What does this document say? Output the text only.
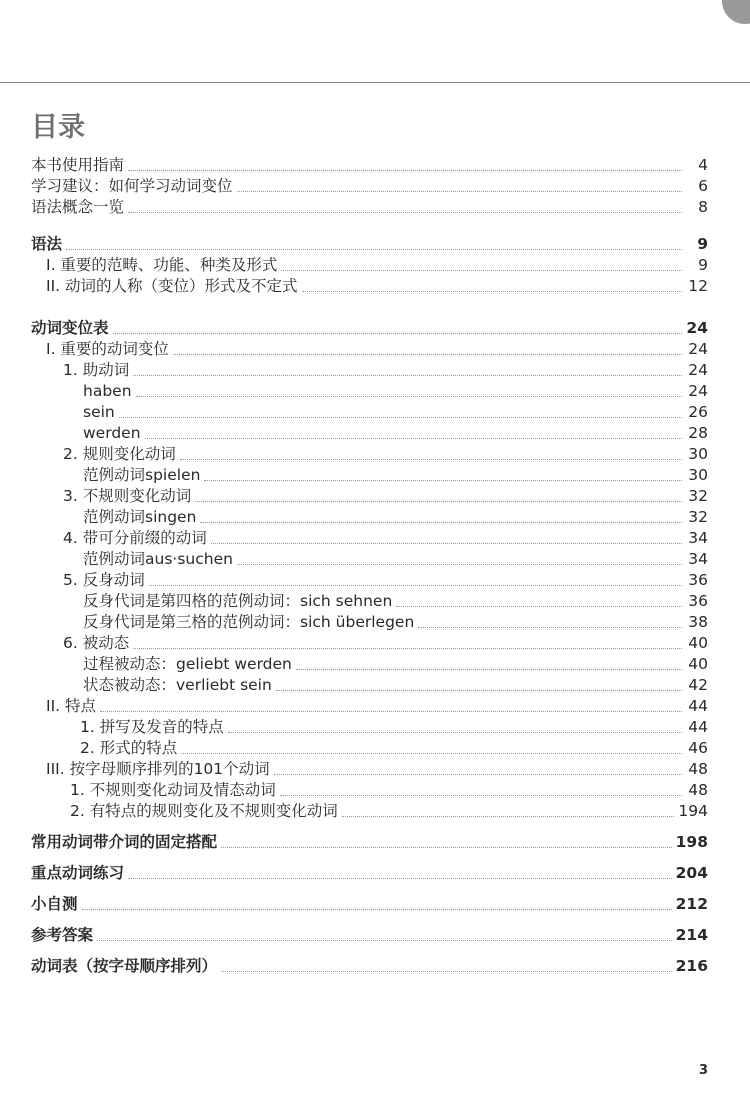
目录
本书使用指南	4
学习建议：如何学习动词变位	6
语法概念一览	8
语法	9
I. 重要的范畴、功能、种类及形式	9
II. 动词的人称（变位）形式及不定式	12
动词变位表	24
I. 重要的动词变位	24
1. 助动词	24
haben	24
sein	26
werden	28
2. 规则变化动词	30
范例动词spielen	30
3. 不规则变化动词	32
范例动词singen	32
4. 带可分前缀的动词	34
范例动词aus·suchen	34
5. 反身动词	36
反身代词是第四格的范例动词：sich sehnen	36
反身代词是第三格的范例动词：sich überlegen	38
6. 被动态	40
过程被动态：geliebt werden	40
状态被动态：verliebt sein	42
II. 特点	44
1. 拼写及发音的特点	44
2. 形式的特点	46
III. 按字母顺序排列的101个动词	48
1. 不规则变化动词及情态动词	48
2. 有特点的规则变化及不规则变化动词	194
常用动词带介词的固定搭配	198
重点动词练习	204
小自测	212
参考答案	214
动词表（按字母顺序排列）	216
3
